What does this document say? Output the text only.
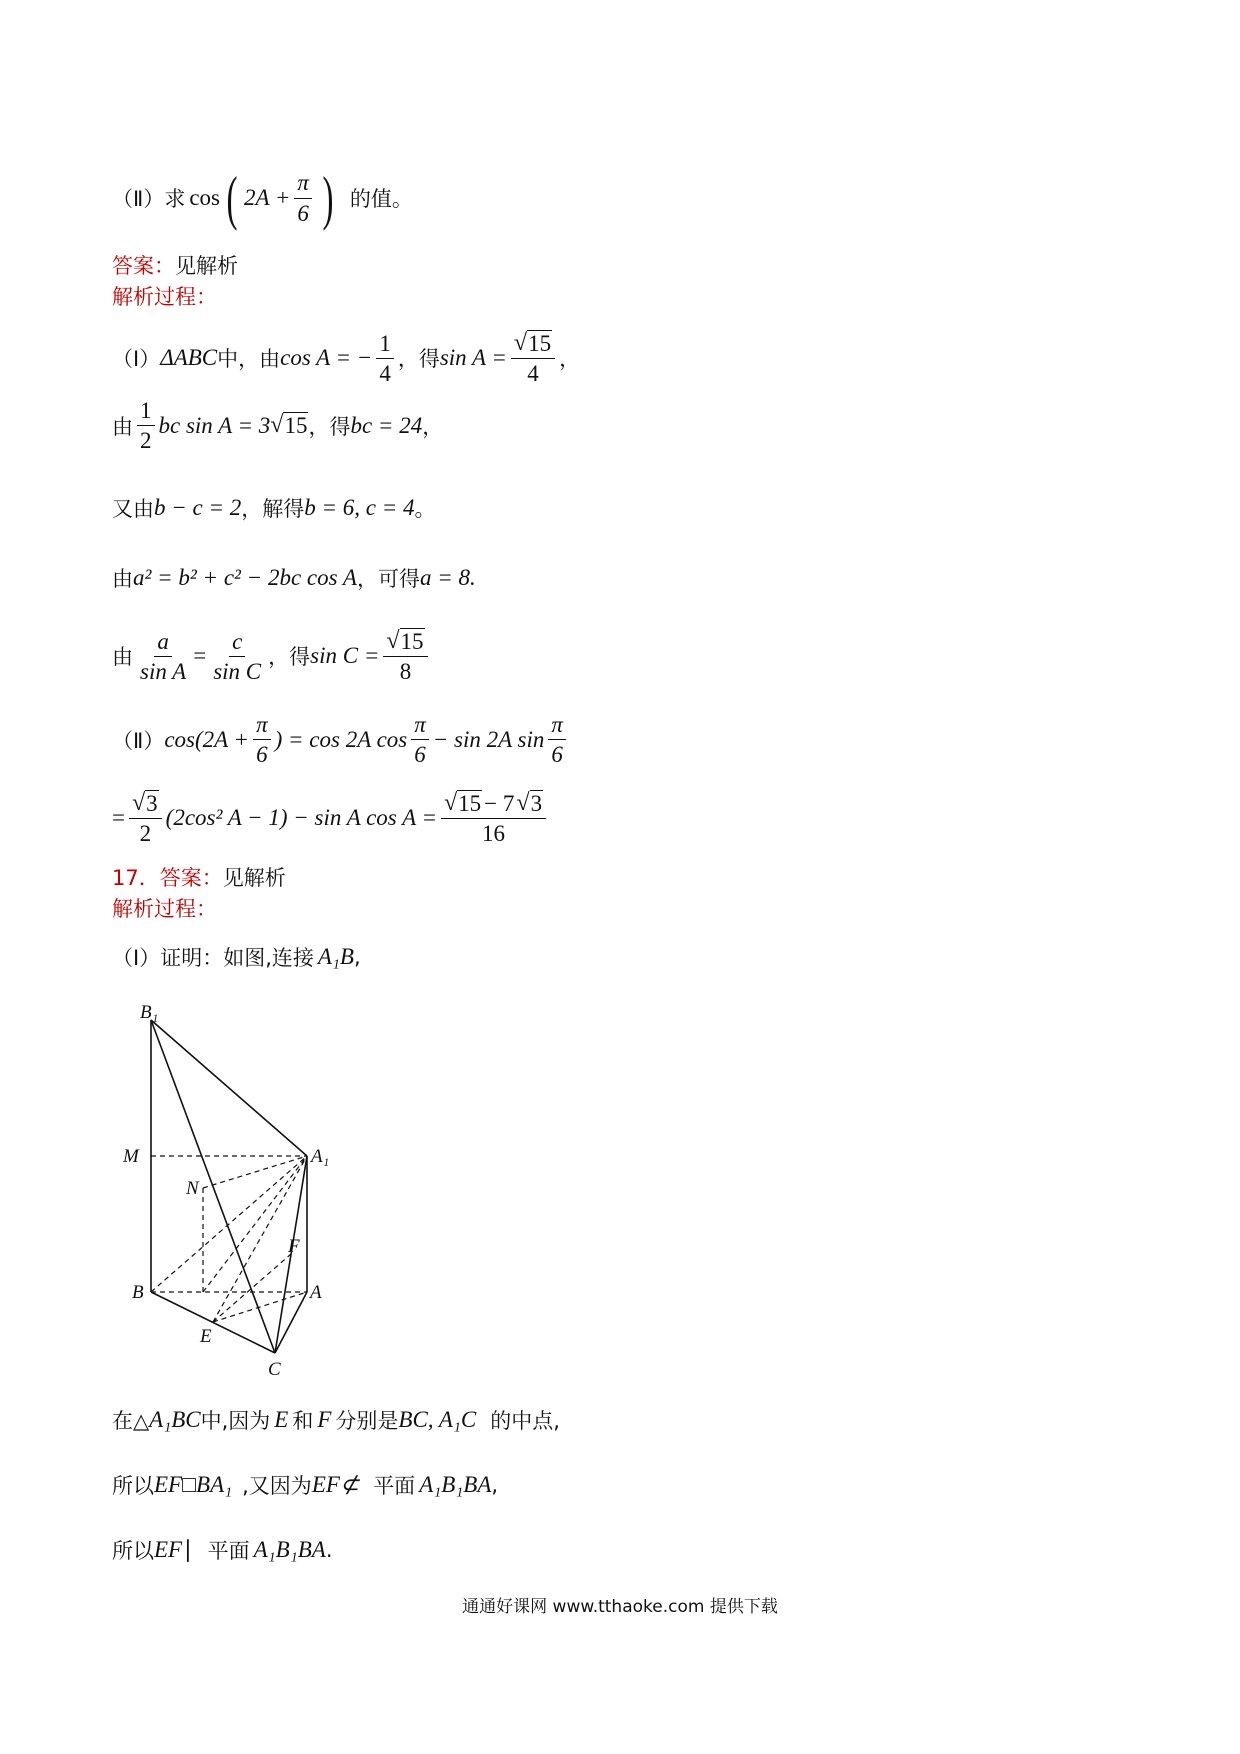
（Ⅱ）求 cos ( $2A + \frac{\pi}{6}$ ) 的值。
答案： 见解析
解析过程：
（Ⅰ） ΔABC 中，由 cos A = − $\frac{1}{4}$ ，得 $\sin A = \frac{√ 15}{4}$ ，
由 $\frac{1}{2}$ bc sin A = 3 √ 15 ，得 bc = 24 ，
又由 b − c = 2 ，解得 b = 6, c = 4 。
由 a² = b² + c² − 2bc cos A ，可得 a = 8.
由 $\frac{a}{\text{sin A}} = \frac{c}{\text{sin C}}$ ，得 $\sin C = \frac{√ 15}{8}$
（Ⅱ） $\cos(2A + \frac{\pi}{6}$ ) = cos 2A $\cos \frac{\pi}{6} - \sin 2A$ $\sin \frac{\pi}{6}$
= $\frac{√ 3}{2} (2\cos^2$ A − 1) − sin A $\cos A = \frac{√ 15 - 7 √ 3}{16}$
17． 答案： 见解析
解析过程：
（I）证明：如图,连接 A₁B ,
B₁
A₁
M
N
F
B	A
E
C
在△ A₁BC 中,因为 E 和 F 分别是 BC, A₁C 的中点,
所以 EF □ BA₁ ,又因为 EF⊄ 平面 A₁B₁BA ,
所以 EF ∣ 平面 A₁B₁BA .
通通好课网 www.tthaoke.com 提供下载
